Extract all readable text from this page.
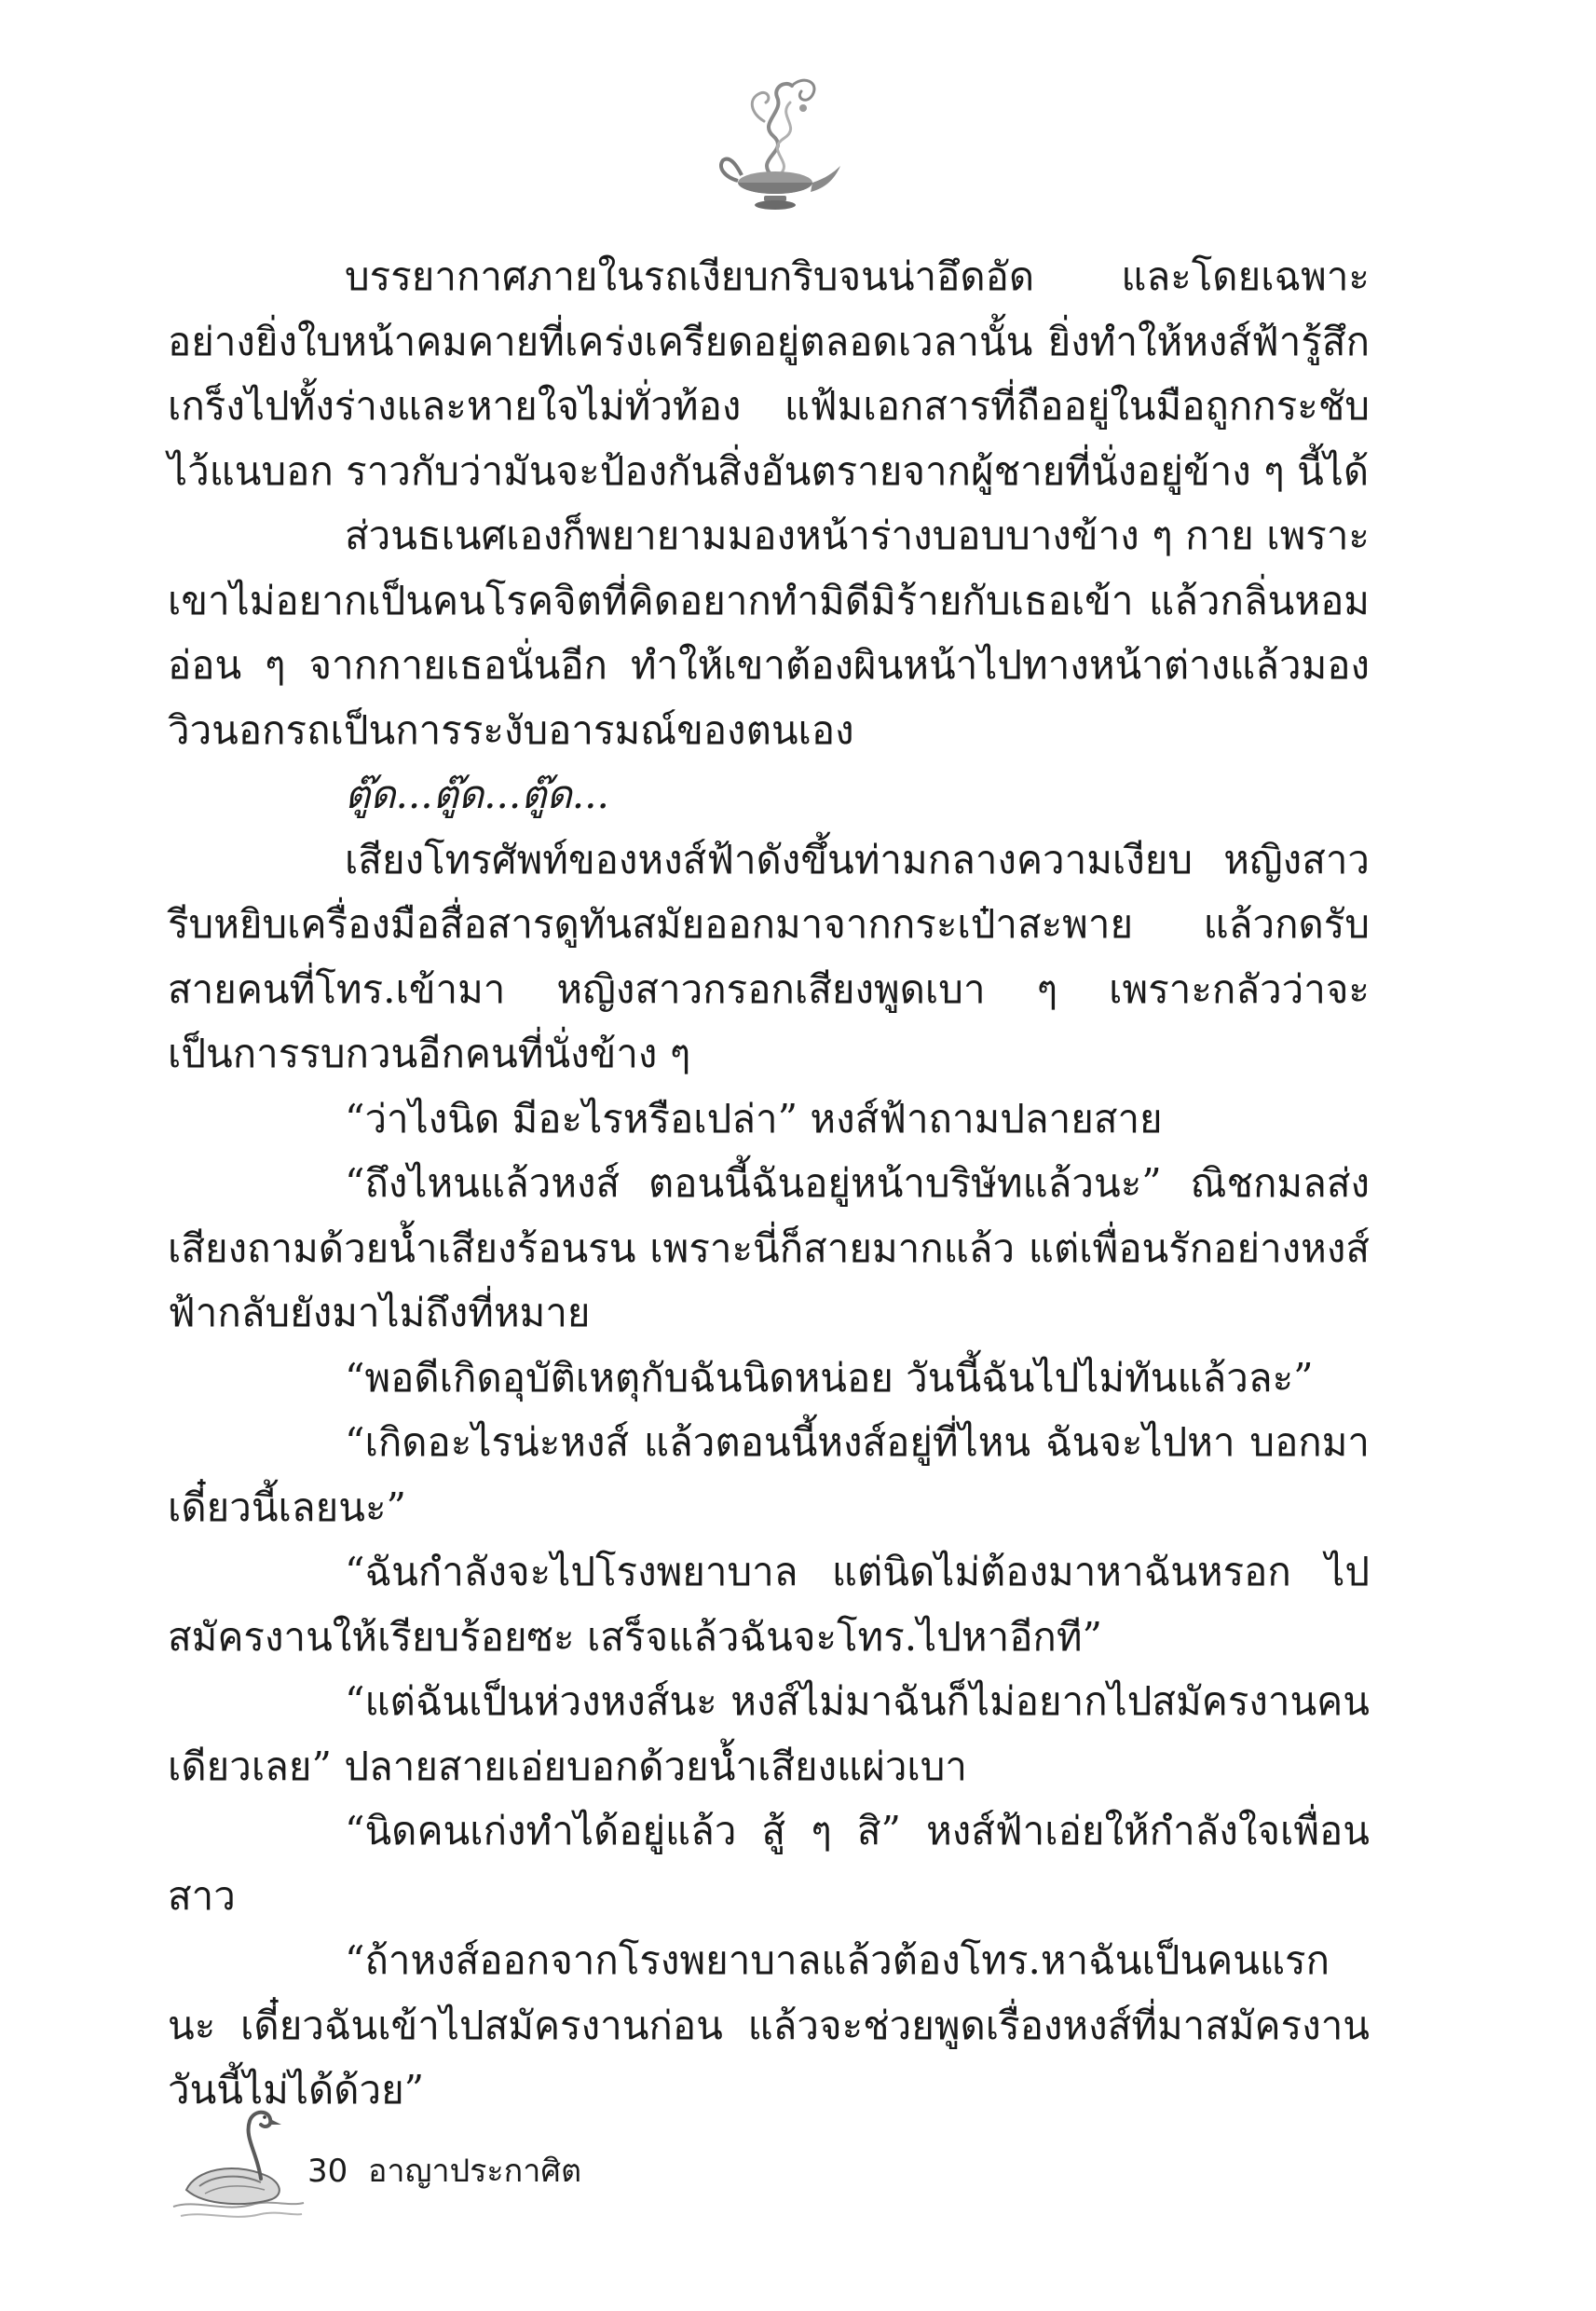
บรรยากาศภายในรถเงียบกริบจนน่าอึดอัด และโดยเฉพาะอย่างยิ่งใบหน้าคมคายที่เคร่งเครียดอยู่ตลอดเวลานั้น ยิ่งทำให้หงส์ฟ้ารู้สึกเกร็งไปทั้งร่างและหายใจไม่ทั่วท้อง แฟ้มเอกสารที่ถืออยู่ในมือถูกกระชับไว้แนบอก ราวกับว่ามันจะป้องกันสิ่งอันตรายจากผู้ชายที่นั่งอยู่ข้าง ๆ นี้ได้

ส่วนธเนศเองก็พยายามมองหน้าร่างบอบบางข้าง ๆ กาย เพราะเขาไม่อยากเป็นคนโรคจิตที่คิดอยากทำมิดีมิร้ายกับเธอเข้า แล้วกลิ่นหอมอ่อน ๆ จากกายเธอนั่นอีก ทำให้เขาต้องผินหน้าไปทางหน้าต่างแล้วมองวิวนอกรถเป็นการระงับอารมณ์ของตนเอง

ตู๊ด...ตู๊ด...ตู๊ด...

เสียงโทรศัพท์ของหงส์ฟ้าดังขึ้นท่ามกลางความเงียบ หญิงสาวรีบหยิบเครื่องมือสื่อสารดูทันสมัยออกมาจากกระเป๋าสะพาย แล้วกดรับสายคนที่โทร.เข้ามา หญิงสาวกรอกเสียงพูดเบา ๆ เพราะกลัวว่าจะเป็นการรบกวนอีกคนที่นั่งข้าง ๆ

“ว่าไงนิด มีอะไรหรือเปล่า” หงส์ฟ้าถามปลายสาย

“ถึงไหนแล้วหงส์ ตอนนี้ฉันอยู่หน้าบริษัทแล้วนะ” ณิชกมลส่งเสียงถามด้วยน้ำเสียงร้อนรน เพราะนี่ก็สายมากแล้ว แต่เพื่อนรักอย่างหงส์ฟ้ากลับยังมาไม่ถึงที่หมาย

“พอดีเกิดอุบัติเหตุกับฉันนิดหน่อย วันนี้ฉันไปไม่ทันแล้วละ”

“เกิดอะไรน่ะหงส์ แล้วตอนนี้หงส์อยู่ที่ไหน ฉันจะไปหา บอกมาเดี๋ยวนี้เลยนะ”

“ฉันกำลังจะไปโรงพยาบาล แต่นิดไม่ต้องมาหาฉันหรอก ไปสมัครงานให้เรียบร้อยซะ เสร็จแล้วฉันจะโทร.ไปหาอีกที”

“แต่ฉันเป็นห่วงหงส์นะ หงส์ไม่มาฉันก็ไม่อยากไปสมัครงานคนเดียวเลย” ปลายสายเอ่ยบอกด้วยน้ำเสียงแผ่วเบา

“นิดคนเก่งทำได้อยู่แล้ว สู้ ๆ สิ” หงส์ฟ้าเอ่ยให้กำลังใจเพื่อนสาว

“ถ้าหงส์ออกจากโรงพยาบาลแล้วต้องโทร.หาฉันเป็นคนแรกนะ เดี๋ยวฉันเข้าไปสมัครงานก่อน แล้วจะช่วยพูดเรื่องหงส์ที่มาสมัครงานวันนี้ไม่ได้ด้วย”

30 อาญาประกาศิต
